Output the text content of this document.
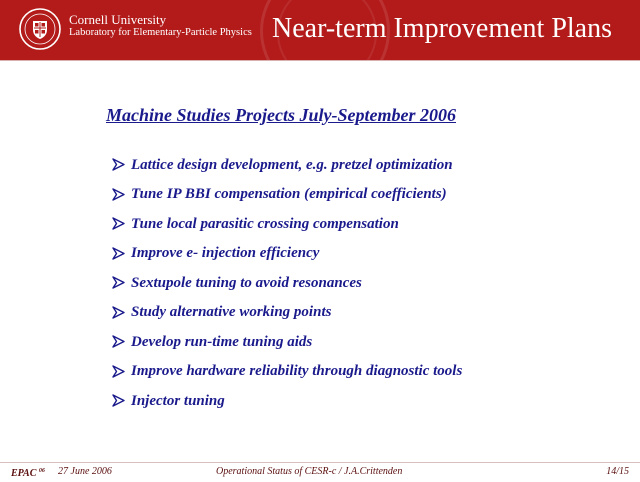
Cornell University
Laboratory for Elementary-Particle Physics Near-term Improvement Plans
Machine Studies Projects July-September 2006
Lattice design development, e.g. pretzel optimization
Tune IP BBI compensation (empirical coefficients)
Tune local parasitic crossing compensation
Improve e- injection efficiency
Sextupole tuning to avoid resonances
Study alternative working points
Develop run-time tuning aids
Improve hardware reliability through diagnostic tools
Injector tuning
EPAC $^{06}$ 27 June 2006	Operational Status of CESR-c / J.A.Crittenden	14/15
